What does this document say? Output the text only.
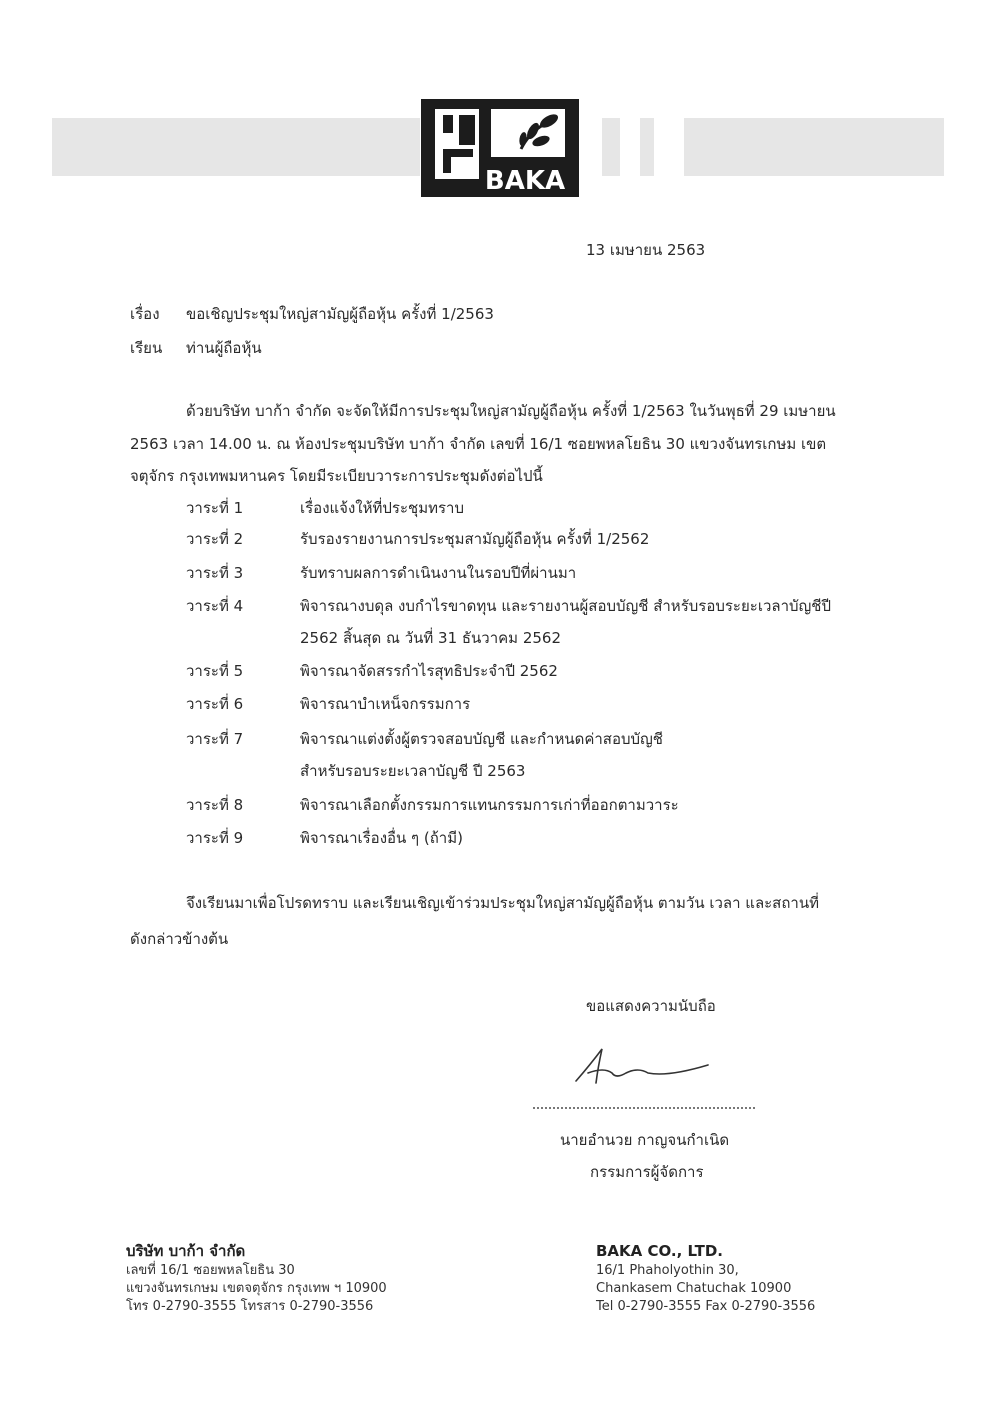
BAKA
13 เมษายน 2563
เรื่อง ขอเชิญประชุมใหญ่สามัญผู้ถือหุ้น ครั้งที่ 1/2563
เรียน ท่านผู้ถือหุ้น
ด้วยบริษัท บาก้า จำกัด จะจัดให้มีการประชุมใหญ่สามัญผู้ถือหุ้น ครั้งที่ 1/2563 ในวันพุธที่ 29 เมษายน
2563 เวลา 14.00 น. ณ ห้องประชุมบริษัท บาก้า จำกัด เลขที่ 16/1 ซอยพหลโยธิน 30 แขวงจันทรเกษม เขต
จตุจักร กรุงเทพมหานคร โดยมีระเบียบวาระการประชุมดังต่อไปนี้
วาระที่ 1	เรื่องแจ้งให้ที่ประชุมทราบ
วาระที่ 2	รับรองรายงานการประชุมสามัญผู้ถือหุ้น ครั้งที่ 1/2562
วาระที่ 3	รับทราบผลการดำเนินงานในรอบปีที่ผ่านมา
วาระที่ 4	พิจารณางบดุล งบกำไรขาดทุน และรายงานผู้สอบบัญชี สำหรับรอบระยะเวลาบัญชีปี
2562 สิ้นสุด ณ วันที่ 31 ธันวาคม 2562
วาระที่ 5	พิจารณาจัดสรรกำไรสุทธิประจำปี 2562
วาระที่ 6	พิจารณาบำเหน็จกรรมการ
วาระที่ 7	พิจารณาแต่งตั้งผู้ตรวจสอบบัญชี และกำหนดค่าสอบบัญชี
สำหรับรอบระยะเวลาบัญชี ปี 2563
วาระที่ 8	พิจารณาเลือกตั้งกรรมการแทนกรรมการเก่าที่ออกตามวาระ
วาระที่ 9	พิจารณาเรื่องอื่น ๆ (ถ้ามี)
จึงเรียนมาเพื่อโปรดทราบ และเรียนเชิญเข้าร่วมประชุมใหญ่สามัญผู้ถือหุ้น ตามวัน เวลา และสถานที่
ดังกล่าวข้างต้น
ขอแสดงความนับถือ
นายอำนวย กาญจนกำเนิด
กรรมการผู้จัดการ
บริษัท บาก้า จำกัด
เลขที่ 16/1 ซอยพหลโยธิน 30
แขวงจันทรเกษม เขตจตุจักร กรุงเทพ ฯ 10900
โทร 0-2790-3555 โทรสาร 0-2790-3556
BAKA CO., LTD.
16/1 Phaholyothin 30,
Chankasem Chatuchak 10900
Tel 0-2790-3555 Fax 0-2790-3556
